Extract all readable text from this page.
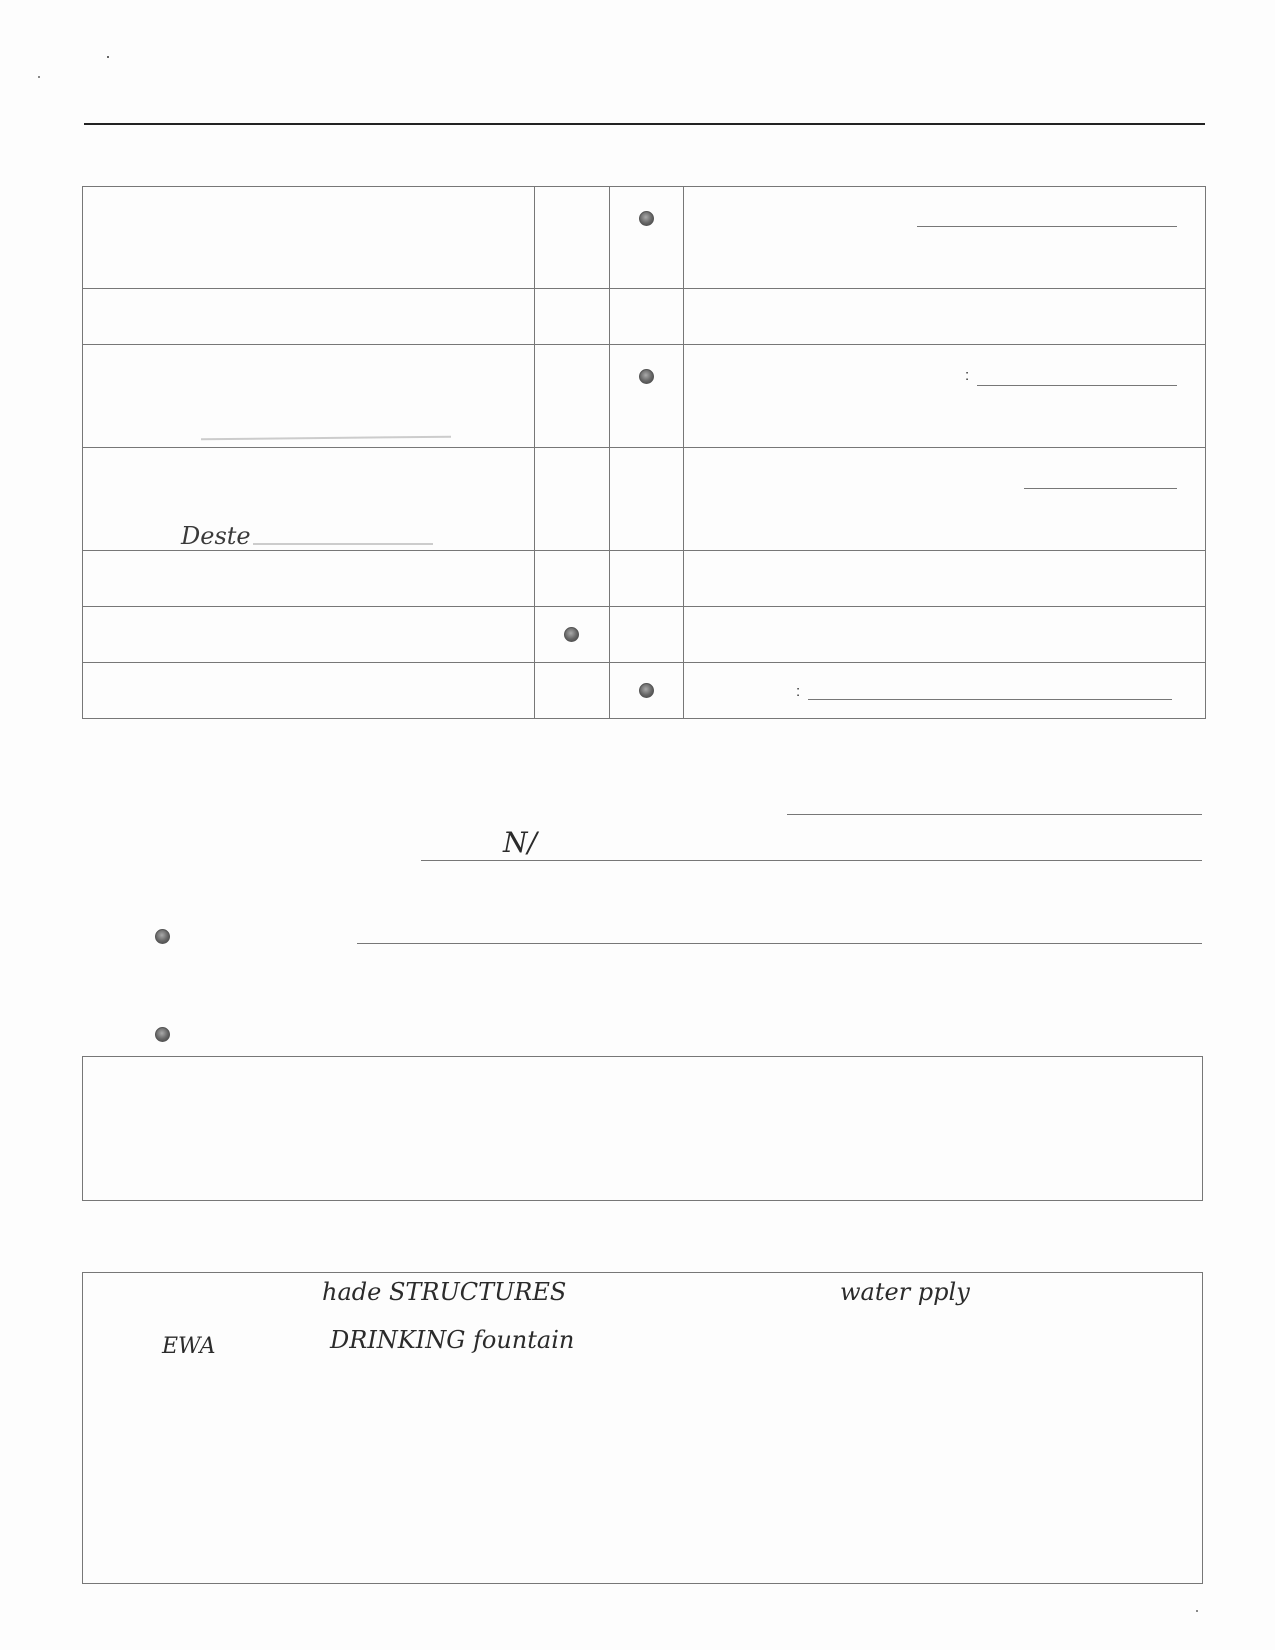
			:

Deste			

			:
N/
hade STRUCTURES	water pply
EWA	DRINKING fountain
